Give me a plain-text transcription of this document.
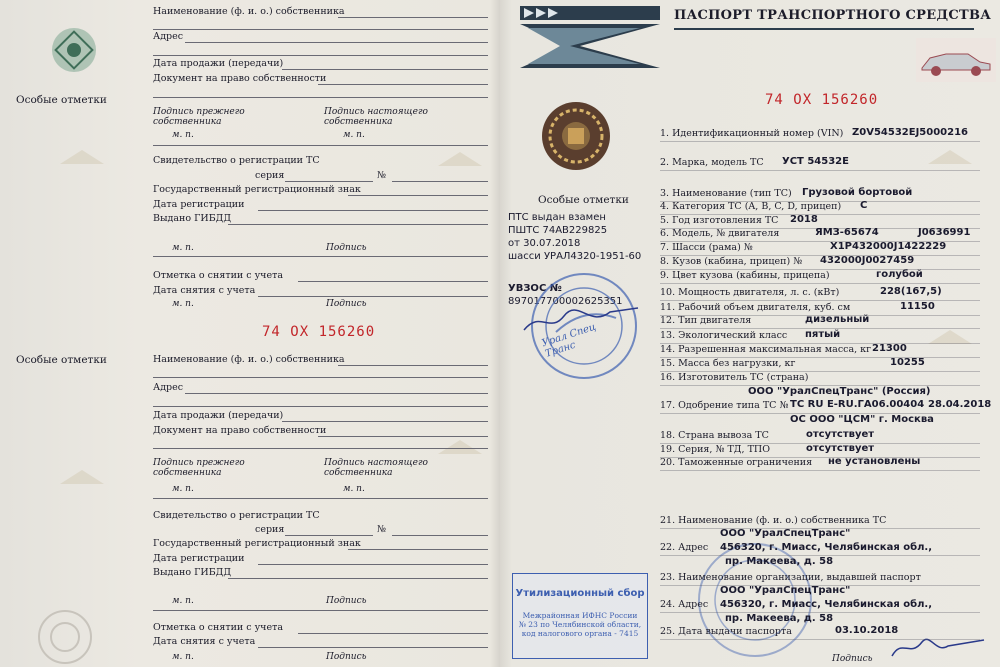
Особые отметки
Особые отметки
Наименование (ф. и. о.) собственника
Адрес
Дата продажи (передачи)
Документ на право собственности
Подпись прежнего собственника
Подпись настоящего собственника
м. п.	м. п.
Свидетельство о регистрации ТС
серия	№
Государственный регистрационный знак
Дата регистрации
Выдано ГИБДД
м. п.	Подпись
Отметка о снятии с учета
Дата снятия с учета
м. п.	Подпись
74 ОХ 156260
Наименование (ф. и. о.) собственника
Адрес
Дата продажи (передачи)
Документ на право собственности
Подпись прежнего собственника
Подпись настоящего собственника
м. п.	м. п.
Свидетельство о регистрации ТС
серия	№
Государственный регистрационный знак
Дата регистрации
Выдано ГИБДД
м. п.	Подпись
Отметка о снятии с учета
Дата снятия с учета
м. п.	Подпись
ПАСПОРТ ТРАНСПОРТНОГО СРЕДСТВА
74 ОХ 156260
Особые отметки
ПТС выдан взамен
ПШТС 74АВ229825
от 30.07.2018
шасси УРАЛ4320-1951-60
УВЗОС №
897017700002625351
Урал Спец Транс
Утилизационный сбор
Межрайонная ИФНС России
№ 23 по Челябинской области,
код налогового органа - 7415
Подпись
1. Идентификационный номер (VIN) Z0V54532EJ5000216
2. Марка, модель ТС УСТ 54532Е
3. Наименование (тип ТС) Грузовой бортовой
4. Категория ТС (A, B, C, D, прицеп) С
5. Год изготовления ТС 2018
6. Модель, № двигателя	ЯМЗ-65674	J0636991
7. Шасси (рама) №	X1P432000J1422229
8. Кузов (кабина, прицеп) № 432000J0027459
9. Цвет кузова (кабины, прицепа)	голубой
10. Мощность двигателя, л. с. (кВт)	228(167,5)
11. Рабочий объем двигателя, куб. см	11150
12. Тип двигателя	дизельный
13. Экологический класс пятый
14. Разрешенная максимальная масса, кг 21300
15. Масса без нагрузки, кг	10255
16. Изготовитель ТС (страна)
ООО "УралСпецТранс" (Россия)
17. Одобрение типа ТС № ТС RU E-RU.ГА06.00404 28.04.2018
ОС ООО "ЦСМ" г. Москва
18. Страна вывоза ТС	отсутствует
19. Серия, № ТД, ТПО	отсутствует
20. Таможенные ограничения не установлены
21. Наименование (ф. и. о.) собственника ТС
ООО "УралСпецТранс"
22. Адрес 456320, г. Миасс, Челябинская обл.,
пр. Макеева, д. 58
23. Наименование организации, выдавшей паспорт
ООО "УралСпецТранс"
24. Адрес 456320, г. Миасс, Челябинская обл.,
пр. Макеева, д. 58
25. Дата выдачи паспорта	03.10.2018
